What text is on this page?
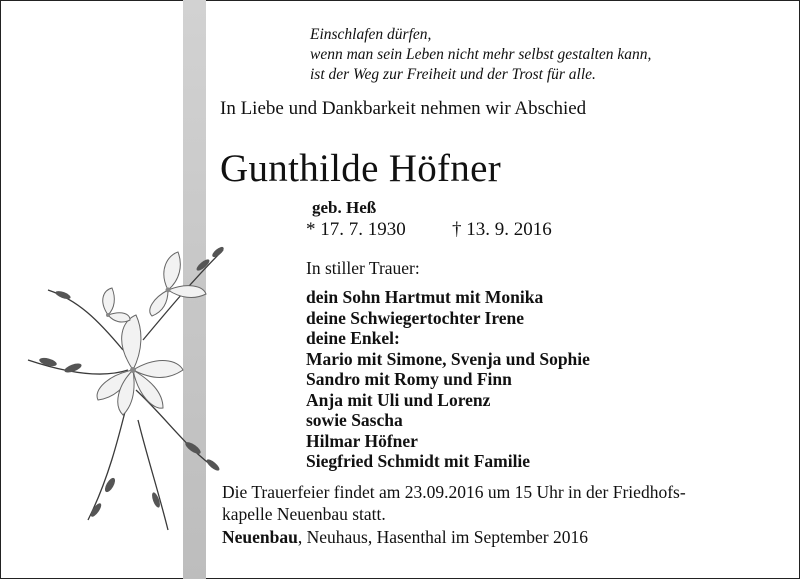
Einschlafen dürfen,
wenn man sein Leben nicht mehr selbst gestalten kann,
ist der Weg zur Freiheit und der Trost für alle.
In Liebe und Dankbarkeit nehmen wir Abschied
Gunthilde Höfner
geb. Heß
* 17. 7. 1930 † 13. 9. 2016
In stiller Trauer:
dein Sohn Hartmut mit Monika
deine Schwiegertochter Irene
deine Enkel:
Mario mit Simone, Svenja und Sophie
Sandro mit Romy und Finn
Anja mit Uli und Lorenz
sowie Sascha
Hilmar Höfner
Siegfried Schmidt mit Familie
Die Trauerfeier findet am 23.09.2016 um 15 Uhr in der Friedhofs-
kapelle Neuenbau statt.
Neuenbau, Neuhaus, Hasenthal im September 2016
